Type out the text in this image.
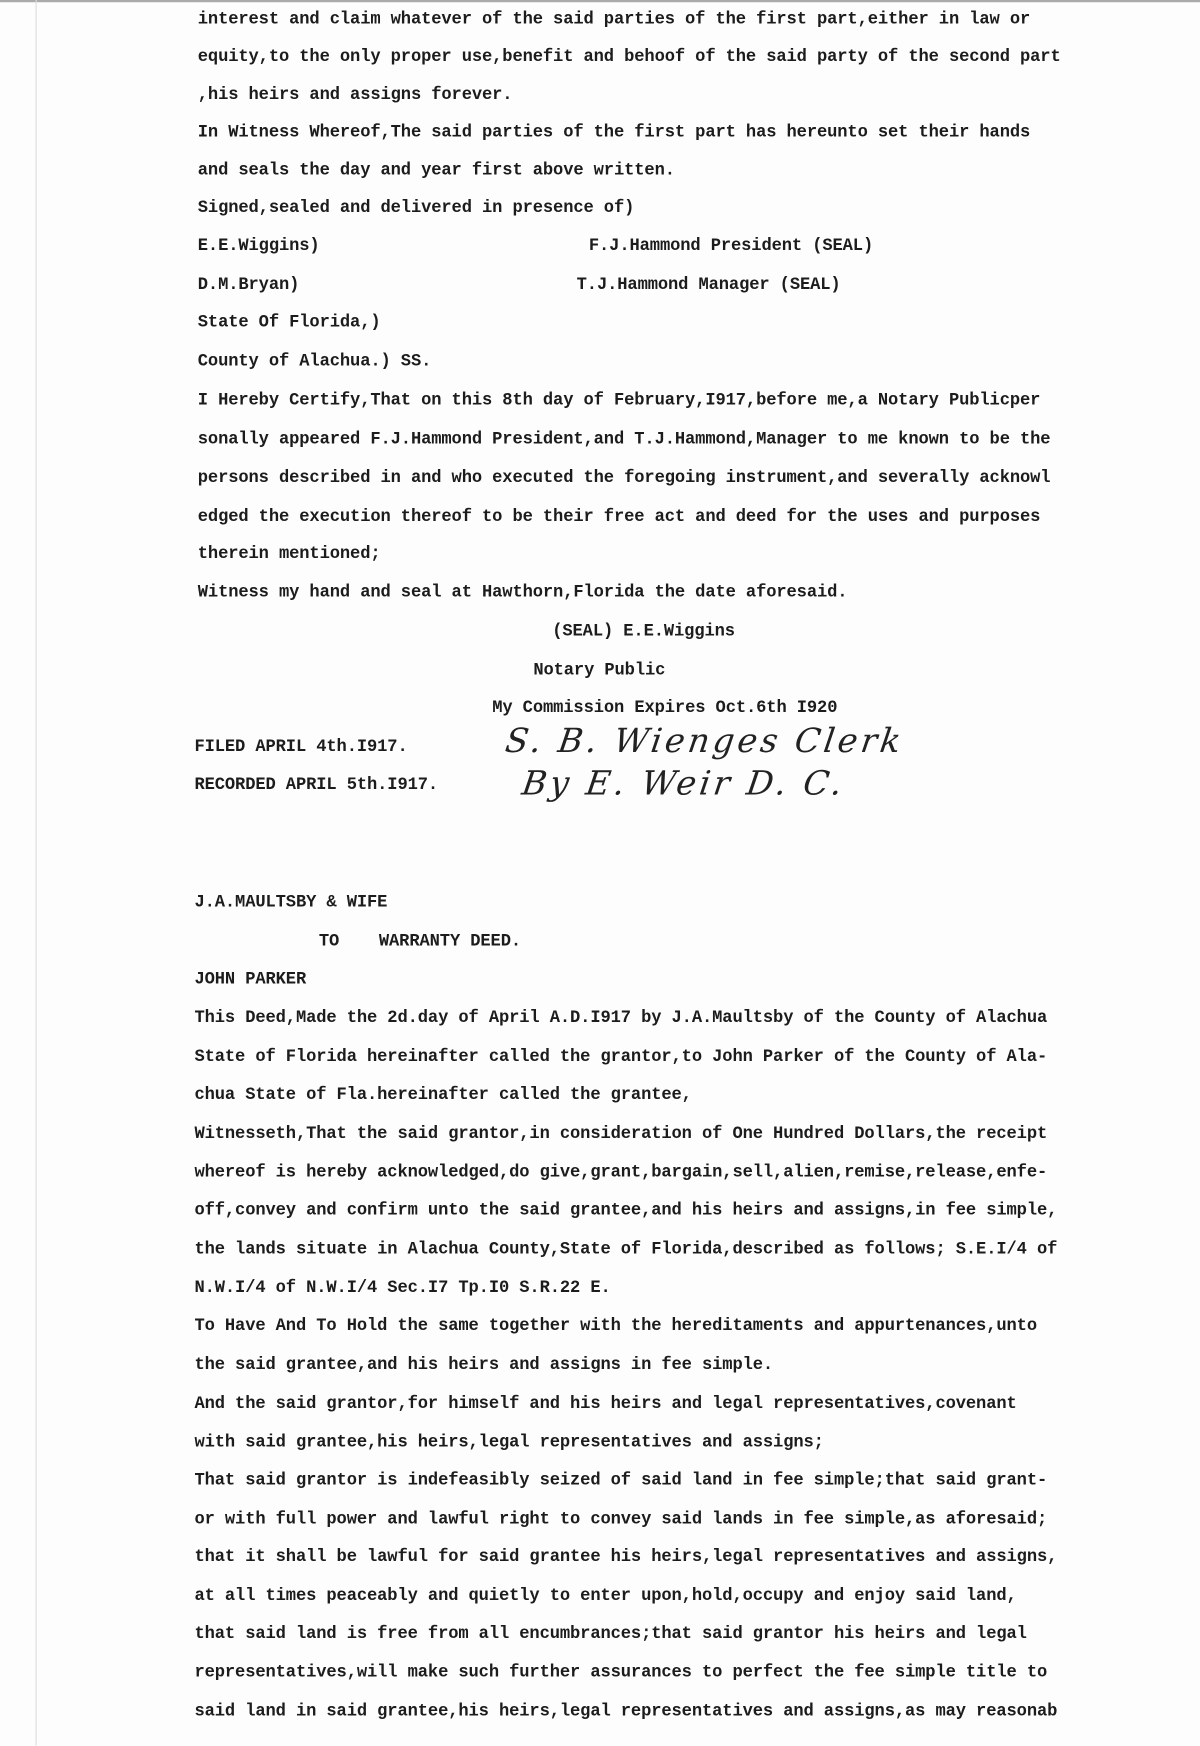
interest and claim whatever of the said parties of the first part,either in law or
equity,to the only proper use,benefit and behoof of the said party of the second part
,his heirs and assigns forever.
In Witness Whereof,The said parties of the first part has hereunto set their hands
and seals the day and year first above written.
Signed,sealed and delivered in presence of)
E.E.Wiggins)	F.J.Hammond President (SEAL)
D.M.Bryan)	T.J.Hammond Manager (SEAL)
State Of Florida,)
County of Alachua.) SS.
I Hereby Certify,That on this 8th day of February,I917,before me,a Notary Publicper
sonally appeared F.J.Hammond President,and T.J.Hammond,Manager to me known to be the
persons described in and who executed the foregoing instrument,and severally acknowl
edged the execution thereof to be their free act and deed for the uses and purposes
therein mentioned;
Witness my hand and seal at Hawthorn,Florida the date aforesaid.
(SEAL) E.E.Wiggins
Notary Public
My Commission Expires Oct.6th I920
FILED APRIL 4th.I917.
RECORDED APRIL 5th.I917.
S. B. Wienges Clerk
By E. Weir D. C.
J.A.MAULTSBY & WIFE
TO	WARRANTY DEED.
JOHN PARKER
This Deed,Made the 2d.day of April A.D.I917 by J.A.Maultsby of the County of Alachua
State of Florida hereinafter called the grantor,to John Parker of the County of Ala-
chua State of Fla.hereinafter called the grantee,
Witnesseth,That the said grantor,in consideration of One Hundred Dollars,the receipt
whereof is hereby acknowledged,do give,grant,bargain,sell,alien,remise,release,enfe-
off,convey and confirm unto the said grantee,and his heirs and assigns,in fee simple,
the lands situate in Alachua County,State of Florida,described as follows; S.E.I/4 of
N.W.I/4 of N.W.I/4 Sec.I7 Tp.I0 S.R.22 E.
To Have And To Hold the same together with the hereditaments and appurtenances,unto
the said grantee,and his heirs and assigns in fee simple.
And the said grantor,for himself and his heirs and legal representatives,covenant
with said grantee,his heirs,legal representatives and assigns;
That said grantor is indefeasibly seized of said land in fee simple;that said grant-
or with full power and lawful right to convey said lands in fee simple,as aforesaid;
that it shall be lawful for said grantee his heirs,legal representatives and assigns,
at all times peaceably and quietly to enter upon,hold,occupy and enjoy said land,
that said land is free from all encumbrances;that said grantor his heirs and legal
representatives,will make such further assurances to perfect the fee simple title to
said land in said grantee,his heirs,legal representatives and assigns,as may reasonab
